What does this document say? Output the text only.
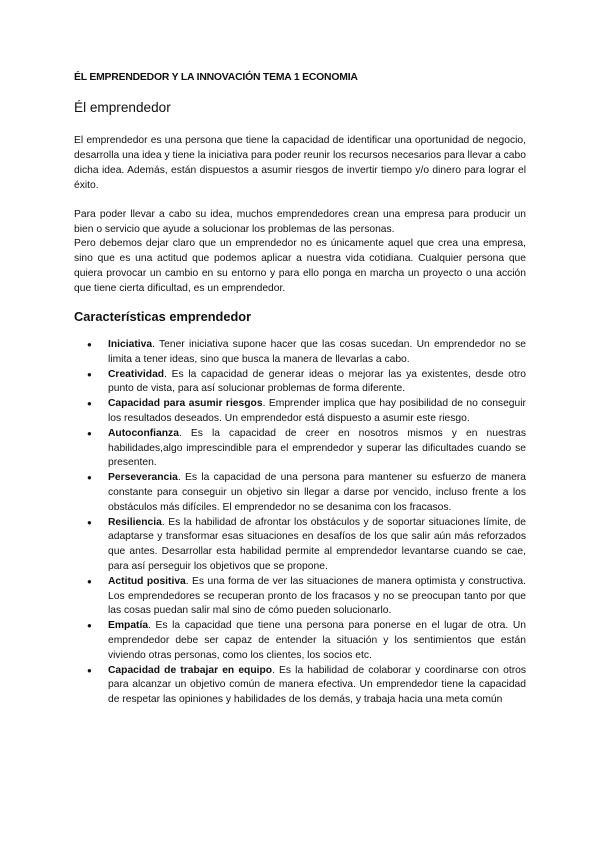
ÉL EMPRENDEDOR Y LA INNOVACIÓN TEMA 1 ECONOMIA
Él emprendedor

El emprendedor es una persona que tiene la capacidad de identificar una oportunidad de negocio, desarrolla una idea y tiene la iniciativa para poder reunir los recursos necesarios para llevar a cabo dicha idea. Además, están dispuestos a asumir riesgos de invertir tiempo y/o dinero para lograr el éxito.

Para poder llevar a cabo su idea, muchos emprendedores crean una empresa para producir un bien o servicio que ayude a solucionar los problemas de las personas.

Pero debemos dejar claro que un emprendedor no es únicamente aquel que crea una empresa, sino que es una actitud que podemos aplicar a nuestra vida cotidiana. Cualquier persona que quiera provocar un cambio en su entorno y para ello ponga en marcha un proyecto o una acción que tiene cierta dificultad, es un emprendedor.

Características emprendedor
● Iniciativa. Tener iniciativa supone hacer que las cosas sucedan. Un emprendedor no se limita a tener ideas, sino que busca la manera de llevarlas a cabo.
● Creatividad. Es la capacidad de generar ideas o mejorar las ya existentes, desde otro punto de vista, para así solucionar problemas de forma diferente.
● Capacidad para asumir riesgos. Emprender implica que hay posibilidad de no conseguir los resultados deseados. Un emprendedor está dispuesto a asumir este riesgo.
● Autoconfianza. Es la capacidad de creer en nosotros mismos y en nuestras habilidades,algo imprescindible para el emprendedor y superar las dificultades cuando se presenten.
● Perseverancia. Es la capacidad de una persona para mantener su esfuerzo de manera constante para conseguir un objetivo sin llegar a darse por vencido, incluso frente a los obstáculos más difíciles. El emprendedor no se desanima con los fracasos.
● Resiliencia. Es la habilidad de afrontar los obstáculos y de soportar situaciones límite, de adaptarse y transformar esas situaciones en desafíos de los que salir aún más reforzados que antes. Desarrollar esta habilidad permite al emprendedor levantarse cuando se cae, para así perseguir los objetivos que se propone.
● Actitud positiva. Es una forma de ver las situaciones de manera optimista y constructiva. Los emprendedores se recuperan pronto de los fracasos y no se preocupan tanto por que las cosas puedan salir mal sino de cómo pueden solucionarlo.
● Empatía. Es la capacidad que tiene una persona para ponerse en el lugar de otra. Un emprendedor debe ser capaz de entender la situación y los sentimientos que están viviendo otras personas, como los clientes, los socios etc.
● Capacidad de trabajar en equipo. Es la habilidad de colaborar y coordinarse con otros para alcanzar un objetivo común de manera efectiva. Un emprendedor tiene la capacidad de respetar las opiniones y habilidades de los demás, y trabaja hacia una meta común
